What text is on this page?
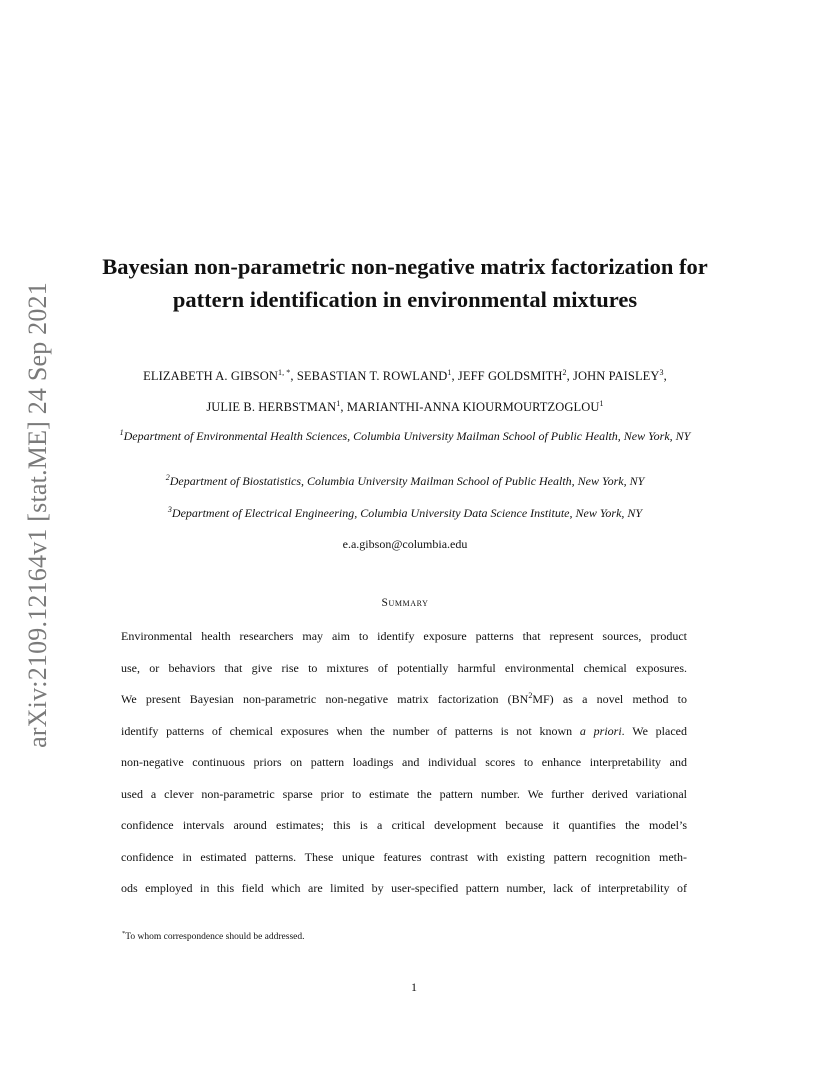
arXiv:2109.12164v1 [stat.ME] 24 Sep 2021
Bayesian non-parametric non-negative matrix factorization for pattern identification in environmental mixtures
ELIZABETH A. $GIBSON^{1, *}$, SEBASTIAN T. ROWLAND$^1$, JEFF GOLDSMITH$^2$, JOHN PAISLEY$^3$,
JULIE B. HERBSTMAN$^1$, MARIANTHI-ANNA KIOURMOURTZOGLOU$^1$
$^1$Department of Environmental Health Sciences, Columbia University Mailman School of Public Health, New York, NY
$^2$Department of Biostatistics, Columbia University Mailman School of Public Health, New York, NY
$^3$Department of Electrical Engineering, Columbia University Data Science Institute, New York, NY
e.a.gibson@columbia.edu
Summary
Environmental health researchers may aim to identify exposure patterns that represent sources, product
use, or behaviors that give rise to mixtures of potentially harmful environmental chemical exposures.
We present Bayesian non-parametric non-negative matrix factorization $(BN^2MF)$ as a novel method to
identify patterns of chemical exposures when the number of patterns is not known a priori. We placed
non-negative continuous priors on pattern loadings and individual scores to enhance interpretability and
used a clever non-parametric sparse prior to estimate the pattern number. We further derived variational
confidence intervals around estimates; this is a critical development because it quantifies the model’s
confidence in estimated patterns. These unique features contrast with existing pattern recognition meth-
ods employed in this field which are limited by user-specified pattern number, lack of interpretability of
*To whom correspondence should be addressed.
1
